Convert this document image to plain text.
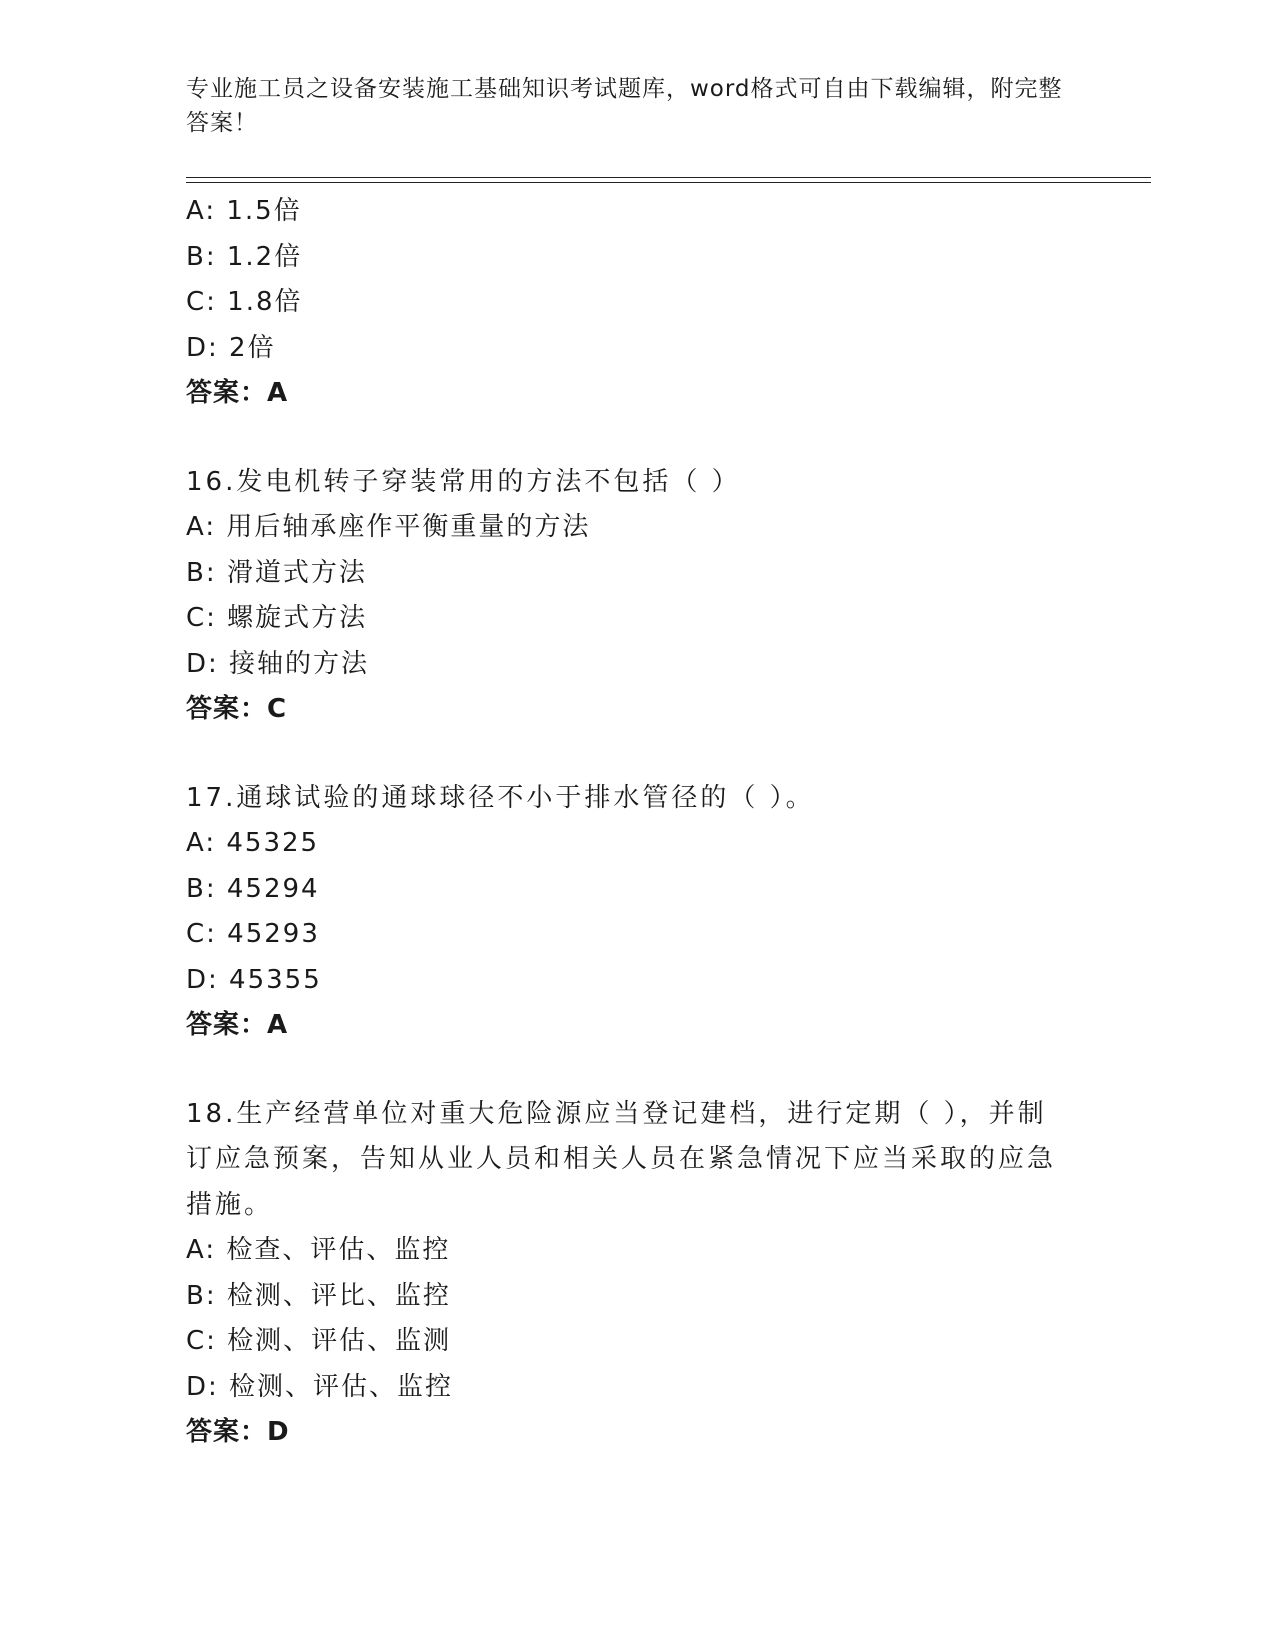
专业施工员之设备安装施工基础知识考试题库，word格式可自由下载编辑，附完整答案！
A: 1.5倍
B: 1.2倍
C: 1.8倍
D: 2倍
答案：A
16.发电机转子穿装常用的方法不包括（ ）
A: 用后轴承座作平衡重量的方法
B: 滑道式方法
C: 螺旋式方法
D: 接轴的方法
答案：C
17.通球试验的通球球径不小于排水管径的（ ）。
A: 45325
B: 45294
C: 45293
D: 45355
答案：A
18.生产经营单位对重大危险源应当登记建档，进行定期（ ），并制订应急预案，告知从业人员和相关人员在紧急情况下应当采取的应急措施。
A: 检查、评估、监控
B: 检测、评比、监控
C: 检测、评估、监测
D: 检测、评估、监控
答案：D
